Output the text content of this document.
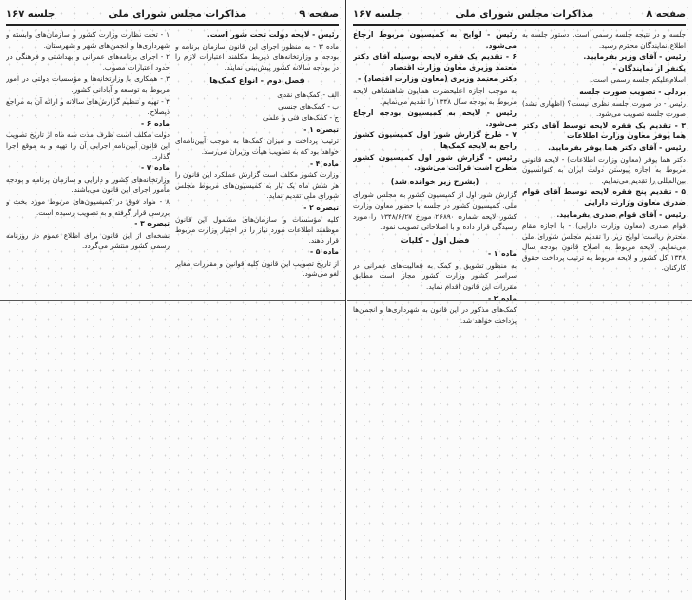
صفحه ۹
مذاکرات مجلس شورای ملی
جلسه ۱۶۷

رئیس - لایحه دولت تحت شور است.

ماده ۳ - به منظور اجرای این قانون سازمان برنامه و بودجه و وزارتخانه‌های ذیربط مکلفند اعتبارات لازم را در بودجه سالانه کشور پیش‌بینی نمایند.

فصل دوم - انواع کمک‌ها

الف - کمک‌های نقدی

ب - کمک‌های جنسی

ج - کمک‌های فنی و علمی

تبصره ۱ -

ترتیب پرداخت و میزان کمک‌ها به موجب آیین‌نامه‌ای خواهد بود که به تصویب هیأت وزیران می‌رسد.

ماده ۴ -

وزارت کشور مکلف است گزارش عملکرد این قانون را هر شش ماه یک بار به کمیسیون‌های مربوط مجلس شورای ملی تقدیم نماید.

تبصره ۲ -

کلیه مؤسسات و سازمان‌های مشمول این قانون موظفند اطلاعات مورد نیاز را در اختیار وزارت مربوط قرار دهند.

ماده ۵ -

از تاریخ تصویب این قانون کلیه قوانین و مقررات مغایر لغو می‌شود.

۱ - تحت نظارت وزارت کشور و سازمان‌های وابسته و شهرداری‌ها و انجمن‌های شهر و شهرستان.

۲ - اجرای برنامه‌های عمرانی و بهداشتی و فرهنگی در حدود اعتبارات مصوب.

۳ - همکاری با وزارتخانه‌ها و مؤسسات دولتی در امور مربوط به توسعه و آبادانی کشور.

۴ - تهیه و تنظیم گزارش‌های سالانه و ارائه آن به مراجع ذیصلاح.

ماده ۶ -

دولت مکلف است ظرف مدت سه ماه از تاریخ تصویب این قانون آیین‌نامه اجرایی آن را تهیه و به موقع اجرا گذارد.

ماده ۷ -

وزارتخانه‌های کشور و دارایی و سازمان برنامه و بودجه مأمور اجرای این قانون می‌باشند.

۸ - مواد فوق در کمیسیون‌های مربوط مورد بحث و بررسی قرار گرفته و به تصویب رسیده است.

تبصره ۳ -

نسخه‌ای از این قانون برای اطلاع عموم در روزنامه رسمی کشور منتشر می‌گردد.

صفحه ۸
مذاکرات مجلس شورای ملی
جلسه ۱۶۷

جلسه و در نتیجه جلسه رسمی است. دستور جلسه به اطلاع نمایندگان محترم رسید.

رئیس - آقای وزیر بفرمایید.

یکنفر از نمایندگان -

اسلام‌علیکم جلسه رسمی است.

بردلی - تصویب صورت جلسه

رئیس - در صورت جلسه نظری نیست؟ (اظهاری نشد) صورت جلسه تصویب می‌شود.

۳ - تقدیم یک فقره لایحه توسط آقای دکتر هما یوفر معاون وزارت اطلاعات

رئیس - آقای دکتر هما یوفر بفرمایید.

دکتر هما یوفر (معاون وزارت اطلاعات) - لایحه قانونی مربوط به اجازه پیوستن دولت ایران به کنوانسیون بین‌المللی را تقدیم می‌نمایم.

۵ - تقدیم پنج فقره لایحه توسط آقای قوام صدری معاون وزارت دارایی

رئیس - آقای قوام صدری بفرمایید.

قوام صدری (معاون وزارت دارایی) - با اجازه مقام محترم ریاست لوایح زیر را تقدیم مجلس شورای ملی می‌نمایم. لایحه مربوط به اصلاح قانون بودجه سال ۱۳۴۸ کل کشور و لایحه مربوط به ترتیب پرداخت حقوق کارکنان.

رئیس - لوایح به کمیسیون مربوط ارجاع می‌شود.

۶ - تقدیم یک فقره لایحه بوسیله آقای دکتر معتمد وزیری معاون وزارت اقتصاد

دکتر معتمد وزیری (معاون وزارت اقتصاد) -

به موجب اجازه اعلیحضرت همایون شاهنشاهی لایحه مربوط به بودجه سال ۱۳۴۸ را تقدیم می‌نمایم.

رئیس - لایحه به کمیسیون بودجه ارجاع می‌شود.

۷ - طرح گزارش شور اول کمیسیون کشور راجع به لایحه کمک‌ها

رئیس - گزارش شور اول کمیسیون کشور مطرح است قرائت می‌شود.

(بشرح زیر خوانده شد)

گزارش شور اول از کمیسیون کشور به مجلس شورای ملی. کمیسیون کشور در جلسه با حضور معاون وزارت کشور لایحه شماره ۲۶۸۹۰ مورخ ۱۳۴۸/۶/۲۷ را مورد رسیدگی قرار داده و با اصلاحاتی تصویب نمود.

فصل اول - کلیات

ماده ۱ -

به منظور تشویق و کمک به فعالیت‌های عمرانی در سراسر کشور وزارت کشور مجاز است مطابق مقررات این قانون اقدام نماید.

ماده ۲ -

کمک‌های مذکور در این قانون به شهرداری‌ها و انجمن‌ها پرداخت خواهد شد.
